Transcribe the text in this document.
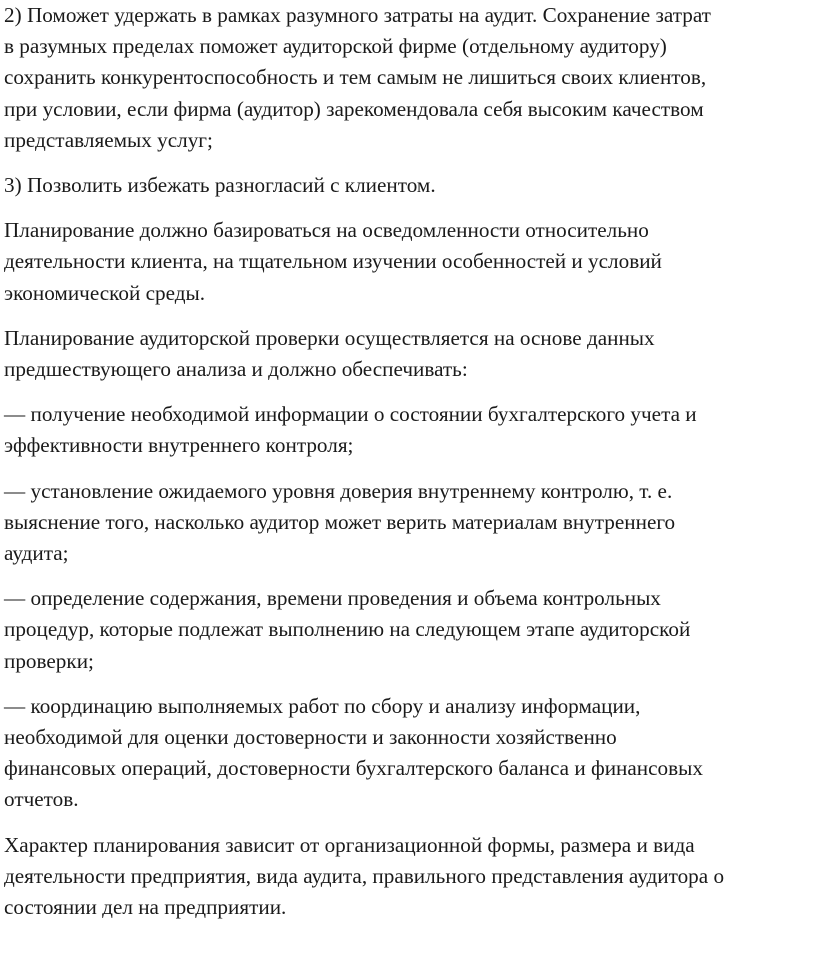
2) Поможет удержать в рамках разумного затраты на аудит. Сохранение затрат
в разумных пределах поможет аудиторской фирме (отдельному аудитору)
сохранить конкурентоспособность и тем самым не лишиться своих клиентов,
при условии, если фирма (аудитор) зарекомендовала себя высоким качеством
представляемых услуг;

3) Позволить избежать разногласий с клиентом.

Планирование должно базироваться на осведомленности относительно
деятельности клиента, на тщательном изучении особенностей и условий
экономической среды.

Планирование аудиторской проверки осуществляется на основе данных
предшествующего анализа и должно обеспечивать:

— получение необходимой информации о состоянии бухгалтерского учета и
эффективности внутреннего контроля;

— установление ожидаемого уровня доверия внутреннему контролю, т. е.
выяснение того, насколько аудитор может верить материалам внутреннего
аудита;

— определение содержания, времени проведения и объема контрольных
процедур, которые подлежат выполнению на следующем этапе аудиторской
проверки;

— координацию выполняемых работ по сбору и анализу информации,
необходимой для оценки достоверности и законности хозяйственно
финансовых операций, достоверности бухгалтерского баланса и финансовых
отчетов.

Характер планирования зависит от организационной формы, размера и вида
деятельности предприятия, вида аудита, правильного представления аудитора о
состоянии дел на предприятии.
